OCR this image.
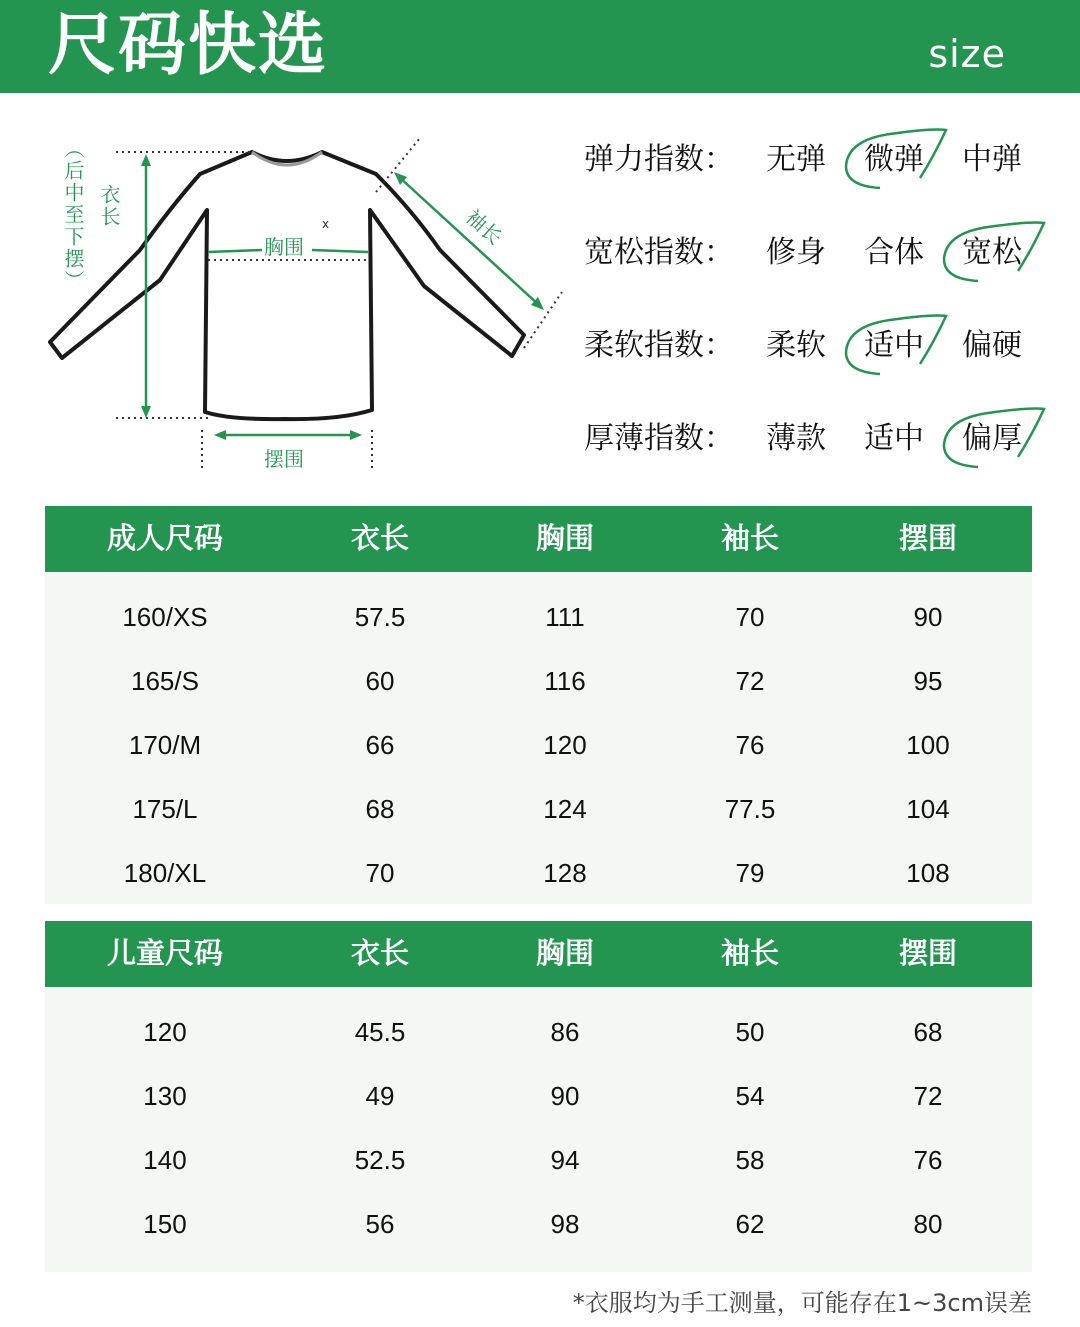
尺码快选	size
x
（后中至下摆） 衣长
胸围	袖长
摆围
弹力指数： 无弹	微弹	中弹
宽松指数： 修身	合体	宽松
柔软指数： 柔软	适中	偏硬
厚薄指数： 薄款	适中	偏厚
成人尺码	衣长	胸围	袖长	摆围
160/XS	57.5	111	70	90
165/S	60	116	72	95
170/M	66	120	76	100
175/L	68	124	77.5	104
180/XL	70	128	79	108
儿童尺码	衣长	胸围	袖长	摆围
120	45.5	86	50	68
130	49	90	54	72
140	52.5	94	58	76
150	56	98	62	80
*衣服均为手工测量，可能存在1~3cm误差
